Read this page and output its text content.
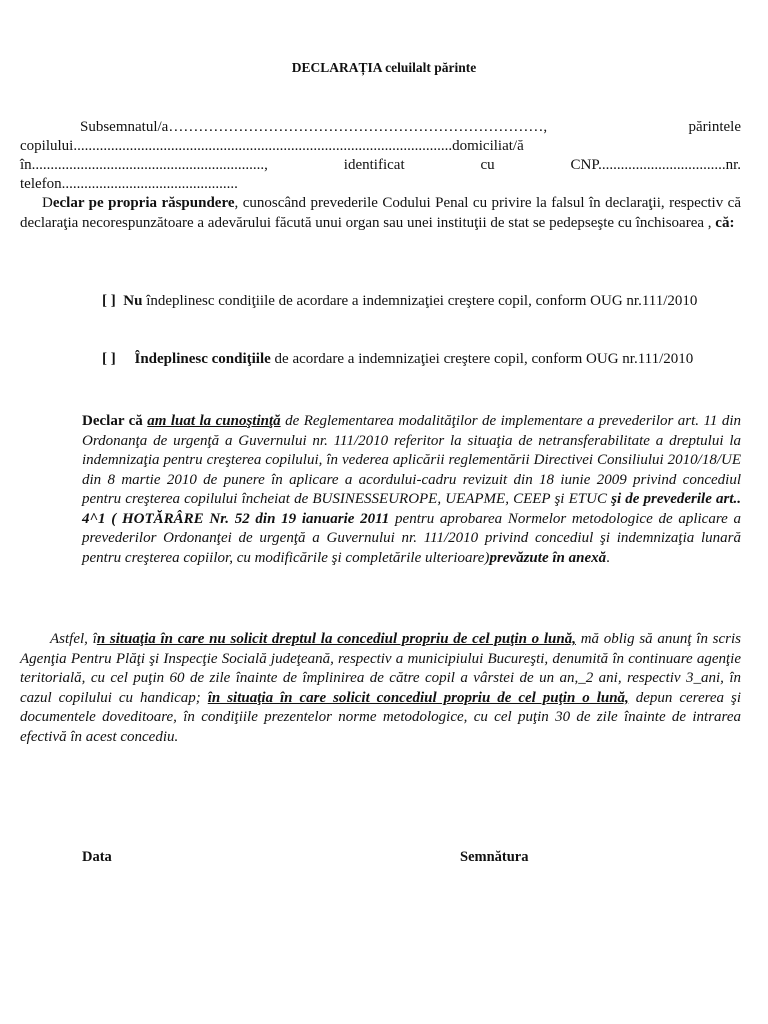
DECLARAȚIA celuilalt părinte
Subsemnatul/a…………………………………………………………………, părintele
copilului.....................................................................................................domiciliat/ă
în.............................................................., identificat cu CNP..................................nr.
telefon...............................................
Declar pe propria răspundere, cunoscând prevederile Codului Penal cu privire la falsul în declaraţii, respectiv că declaraţia necorespunzătoare a adevărului făcută unui organ sau unei instituţii de stat se pedepseşte cu închisoarea , că:
[ ] Nu îndeplinesc condiţiile de acordare a indemnizaţiei creştere copil, conform OUG nr.111/2010
[ ] Îndeplinesc condiţiile de acordare a indemnizaţiei creştere copil, conform OUG nr.111/2010
Declar că am luat la cunoştinţă de Reglementarea modalităţilor de implementare a prevederilor art. 11 din Ordonanţa de urgenţă a Guvernului nr. 111/2010 referitor la situaţia de netransferabilitate a dreptului la indemnizaţia pentru creşterea copilului, în vederea aplicării reglementării Directivei Consiliului 2010/18/UE din 8 martie 2010 de punere în aplicare a acordului-cadru revizuit din 18 iunie 2009 privind concediul pentru creşterea copilului încheiat de BUSINESSEUROPE, UEAPME, CEEP şi ETUC şi de prevederile art.. 4^1 ( HOTĂRÂRE Nr. 52 din 19 ianuarie 2011 pentru aprobarea Normelor metodologice de aplicare a prevederilor Ordonanţei de urgenţă a Guvernului nr. 111/2010 privind concediul şi indemnizaţia lunară pentru creşterea copiilor, cu modificările şi completările ulterioare)prevăzute în anexă.
Astfel, în situaţia în care nu solicit dreptul la concediul propriu de cel puţin o lună, mă oblig să anunţ în scris Agenţia Pentru Plăţi şi Inspecţie Socială judeţeană, respectiv a municipiului Bucureşti, denumită în continuare agenţie teritorială, cu cel puţin 60 de zile înainte de împlinirea de către copil a vârstei de un an,_2 ani, respectiv 3_ani, în cazul copilului cu handicap; în situaţia în care solicit concediul propriu de cel puţin o lună, depun cererea şi documentele doveditoare, în condiţiile prezentelor norme metodologice, cu cel puţin 30 de zile înainte de intrarea efectivă în acest concediu.
Data	Semnătura
